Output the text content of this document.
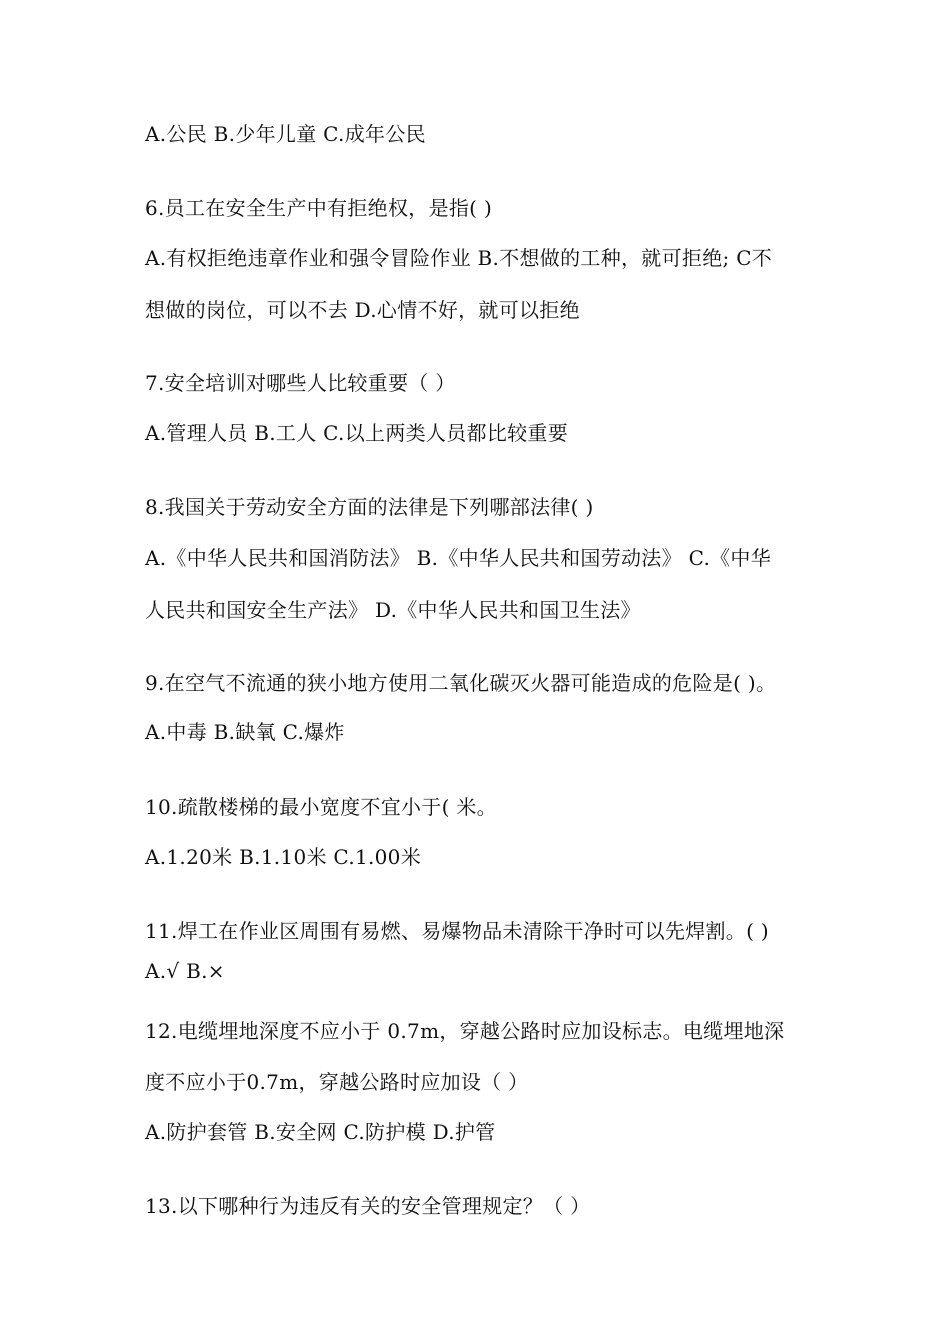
A.公民 B.少年儿童 C.成年公民
6.员工在安全生产中有拒绝权，是指( )
A.有权拒绝违章作业和强令冒险作业 B.不想做的工种，就可拒绝; C不
想做的岗位，可以不去 D.心情不好，就可以拒绝
7.安全培训对哪些人比较重要（ ）
A.管理人员 B.工人 C.以上两类人员都比较重要
8.我国关于劳动安全方面的法律是下列哪部法律( )
A.《中华人民共和国消防法》 B.《中华人民共和国劳动法》 C.《中华
人民共和国安全生产法》 D.《中华人民共和国卫生法》
9.在空气不流通的狭小地方使用二氧化碳灭火器可能造成的危险是( )。
A.中毒 B.缺氧 C.爆炸
10.疏散楼梯的最小宽度不宜小于( 米。
A.1.20米 B.1.10米 C.1.00米
11.焊工在作业区周围有易燃、易爆物品未清除干净时可以先焊割。( )
A.√ B.×
12.电缆埋地深度不应小于 0.7m，穿越公路时应加设标志。电缆埋地深
度不应小于0.7m，穿越公路时应加设（ ）
A.防护套管 B.安全网 C.防护模 D.护管
13.以下哪种行为违反有关的安全管理规定？（ ）
